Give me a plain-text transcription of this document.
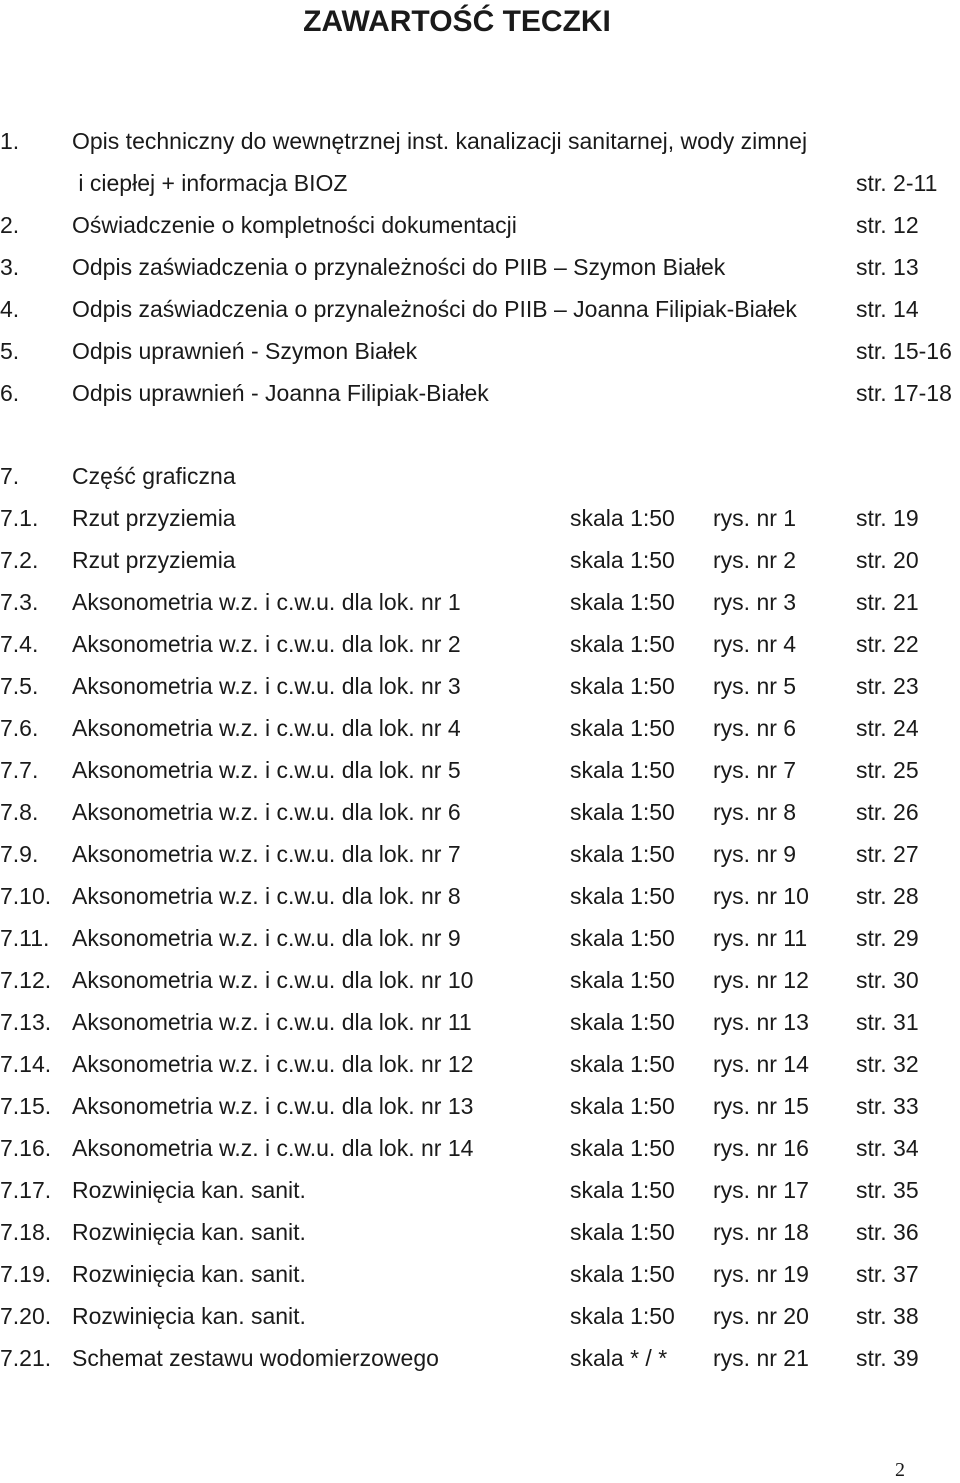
ZAWARTOŚĆ TECZKI
1. Opis techniczny do wewnętrznej inst. kanalizacji sanitarnej, wody zimnej
i ciepłej + informacja BIOZ	str. 2-11
2. Oświadczenie o kompletności dokumentacji	str. 12
3. Odpis zaświadczenia o przynależności do PIIB – Szymon Białek	str. 13
4. Odpis zaświadczenia o przynależności do PIIB – Joanna Filipiak-Białek	str. 14
5. Odpis uprawnień - Szymon Białek	str. 15-16
6. Odpis uprawnień - Joanna Filipiak-Białek	str. 17-18
7. Część graficzna
7.1. Rzut przyziemia	skala 1:50 rys. nr 1	str. 19
7.2. Rzut przyziemia	skala 1:50 rys. nr 2	str. 20
7.3. Aksonometria w.z. i c.w.u. dla lok. nr 1	skala 1:50 rys. nr 3	str. 21
7.4. Aksonometria w.z. i c.w.u. dla lok. nr 2	skala 1:50 rys. nr 4	str. 22
7.5. Aksonometria w.z. i c.w.u. dla lok. nr 3	skala 1:50 rys. nr 5	str. 23
7.6. Aksonometria w.z. i c.w.u. dla lok. nr 4	skala 1:50 rys. nr 6	str. 24
7.7. Aksonometria w.z. i c.w.u. dla lok. nr 5	skala 1:50 rys. nr 7	str. 25
7.8. Aksonometria w.z. i c.w.u. dla lok. nr 6	skala 1:50 rys. nr 8	str. 26
7.9. Aksonometria w.z. i c.w.u. dla lok. nr 7	skala 1:50 rys. nr 9	str. 27
7.10. Aksonometria w.z. i c.w.u. dla lok. nr 8	skala 1:50 rys. nr 10 str. 28
7.11. Aksonometria w.z. i c.w.u. dla lok. nr 9	skala 1:50 rys. nr 11 str. 29
7.12. Aksonometria w.z. i c.w.u. dla lok. nr 10	skala 1:50 rys. nr 12 str. 30
7.13. Aksonometria w.z. i c.w.u. dla lok. nr 11	skala 1:50 rys. nr 13 str. 31
7.14. Aksonometria w.z. i c.w.u. dla lok. nr 12	skala 1:50 rys. nr 14 str. 32
7.15. Aksonometria w.z. i c.w.u. dla lok. nr 13	skala 1:50 rys. nr 15 str. 33
7.16. Aksonometria w.z. i c.w.u. dla lok. nr 14	skala 1:50 rys. nr 16 str. 34
7.17. Rozwinięcia kan. sanit.	skala 1:50 rys. nr 17 str. 35
7.18. Rozwinięcia kan. sanit.	skala 1:50 rys. nr 18 str. 36
7.19. Rozwinięcia kan. sanit.	skala 1:50 rys. nr 19 str. 37
7.20. Rozwinięcia kan. sanit.	skala 1:50 rys. nr 20 str. 38
7.21. Schemat zestawu wodomierzowego	skala * / * rys. nr 21 str. 39
2
